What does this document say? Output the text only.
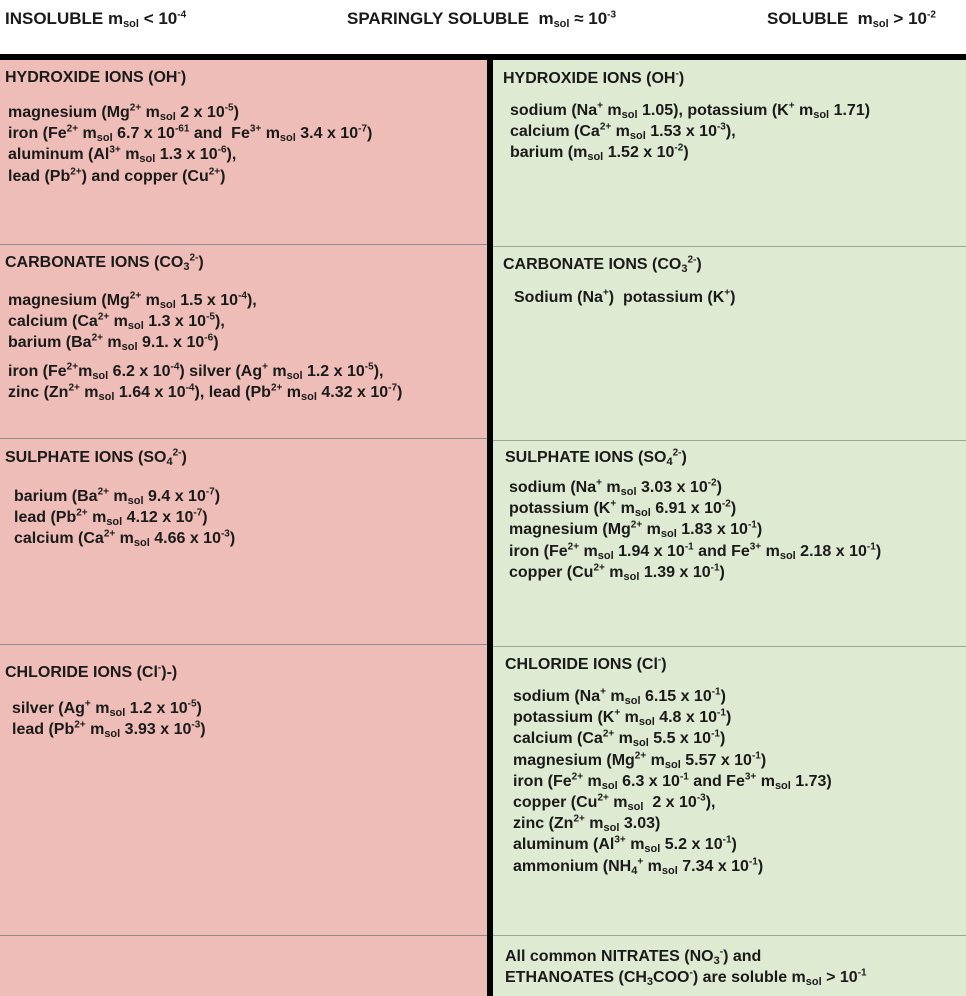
INSOLUBLE $m_{sol} < 10^{-4}$	SPARINGLY SOLUBLE  $m_{sol} \approx 10^{-3}$	SOLUBLE  $m_{sol} > 10^{-2}$
HYDROXIDE IONS (OH-)
magnesium ($Mg^{2+}$ $m_{sol}$ 2 x $10^{-5}$)
iron ($Fe^{2+}$ $m_{sol}$ 6.7 x $10^{-61}$ and  $Fe^{3+}$ $m_{sol}$ 3.4 x $10^{-7}$)
aluminum ($Al^{3+}$ $m_{sol}$ 1.3 x $10^{-6}$),
lead $(Pb^{2+})$ and copper $(Cu^{2+})$
CARBONATE IONS $(CO_3^{2-})$
magnesium ($Mg^{2+}$ $m_{sol}$ 1.5 x $10^{-4}$),
calcium ($Ca^{2+}$ $m_{sol}$ 1.3 x $10^{-5}$),
barium ($Ba^{2+}$ $m_{sol}$ 9.1. x $10^{-6}$)
iron ($Fe^{2+}m_{sol}$ 6.2 x $10^{-4}$) silver (Ag+ $m_{sol}$ 1.2 x $10^{-5}$),
zinc ($Zn^{2+}$ $m_{sol}$ 1.64 x $10^{-4}$), lead ($Pb^{2+}$ $m_{sol}$ 4.32 x $10^{-7}$)
SULPHATE IONS $(SO_4^{2-})$
barium ($Ba^{2+}$ $m_{sol}$ 9.4 x $10^{-7}$)
lead ($Pb^{2+}$ $m_{sol}$ 4.12 x $10^{-7}$)
calcium ($Ca^{2+}$ $m_{sol}$ 4.66 x $10^{-3}$)
CHLORIDE IONS (Cl-)-)
silver (Ag+ $m_{sol}$ 1.2 x $10^{-5}$)
lead ($Pb^{2+}$ $m_{sol}$ 3.93 x $10^{-3}$)
HYDROXIDE IONS (OH-)
sodium (Na+ $m_{sol}$ 1.05), potassium (K+ $m_{sol}$ 1.71)
calcium ($Ca^{2+}$ $m_{sol}$ 1.53 x $10^{-3}$),
barium ($m_{sol}$ 1.52 x $10^{-2}$)
CARBONATE IONS $(CO_3^{2-})$
Sodium (Na+)  potassium (K+)
SULPHATE IONS $(SO_4^{2-})$
sodium (Na+ $m_{sol}$ 3.03 x $10^{-2}$)
potassium (K+ $m_{sol}$ 6.91 x $10^{-2}$)
magnesium ($Mg^{2+}$ $m_{sol}$ 1.83 x $10^{-1}$)
iron ($Fe^{2+}$ $m_{sol}$ 1.94 x $10^{-1}$ and $Fe^{3+}$ $m_{sol}$ 2.18 x $10^{-1}$)
copper ($Cu^{2+}$ $m_{sol}$ 1.39 x $10^{-1}$)
CHLORIDE IONS (Cl-)
sodium (Na+ $m_{sol}$ 6.15 x $10^{-1}$)
potassium (K+ $m_{sol}$ 4.8 x $10^{-1}$)
calcium ($Ca^{2+}$ $m_{sol}$ 5.5 x $10^{-1}$)
magnesium ($Mg^{2+}$ $m_{sol}$ 5.57 x $10^{-1}$)
iron ($Fe^{2+}$ $m_{sol}$ 6.3 x $10^{-1}$ and $Fe^{3+}$ $m_{sol}$ 1.73)
copper ($Cu^{2+}$ $m_{sol}$  2 x $10^{-3}$),
zinc ($Zn^{2+}$ $m_{sol}$ 3.03)
aluminum ($Al^{3+}$ $m_{sol}$ 5.2 x $10^{-1}$)
ammonium ($NH_4^+$ $m_{sol}$ 7.34 x $10^{-1}$)
All common NITRATES $(NO_3^-)$ and
ETHANOATES $(CH_3COO^-)$ are soluble $m_{sol} > 10^{-1}$
